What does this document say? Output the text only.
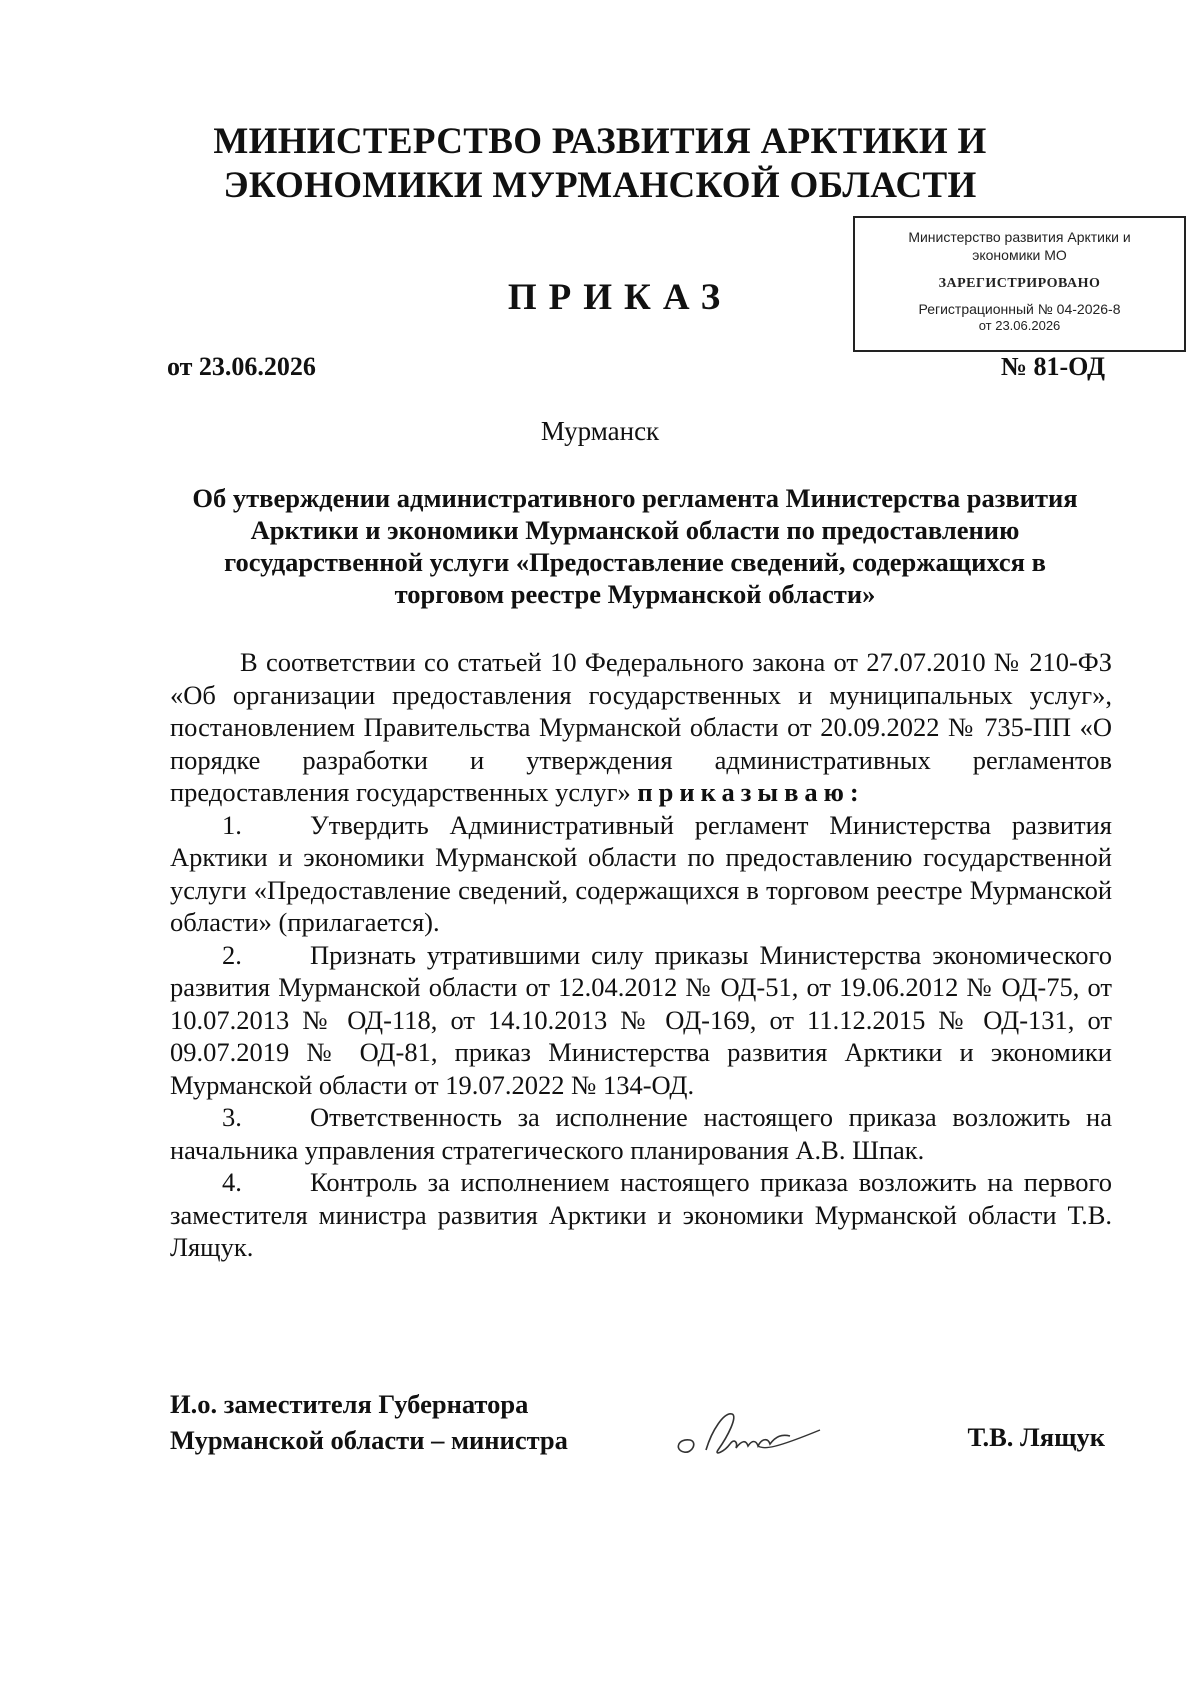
МИНИСТЕРСТВО РАЗВИТИЯ АРКТИКИ И
ЭКОНОМИКИ МУРМАНСКОЙ ОБЛАСТИ
Министерство развития Арктики и
экономики МО
ЗАРЕГИСТРИРОВАНО
Регистрационный № 04-2026-8
от 23.06.2026
ПРИКАЗ
от 23.06.2026	№ 81-ОД
Мурманск
Об утверждении административного регламента Министерства развития Арктики и экономики Мурманской области по предоставлению государственной услуги «Предоставление сведений, содержащихся в торговом реестре Мурманской области»

В соответствии со статьей 10 Федерального закона от 27.07.2010 № 210-ФЗ «Об организации предоставления государственных и муниципальных услуг», постановлением Правительства Мурманской области от 20.09.2022 № 735-ПП «О порядке разработки и утверждения административных регламентов предоставления государственных услуг» приказываю:

1.	Утвердить Административный регламент Министерства развития Арктики и экономики Мурманской области по предоставлению государственной услуги «Предоставление сведений, содержащихся в торговом реестре Мурманской области» (прилагается).

2.	Признать утратившими силу приказы Министерства экономического развития Мурманской области от 12.04.2012 № ОД-51, от 19.06.2012 № ОД-75, от 10.07.2013 № ОД-118, от 14.10.2013 № ОД-169, от 11.12.2015 № ОД-131, от 09.07.2019 № ОД-81, приказ Министерства развития Арктики и экономики Мурманской области от 19.07.2022 № 134-ОД.

3.	Ответственность за исполнение настоящего приказа возложить на начальника управления стратегического планирования А.В. Шпак.

4.	Контроль за исполнением настоящего приказа возложить на первого заместителя министра развития Арктики и экономики Мурманской области Т.В. Лящук.

И.о. заместителя Губернатора
Мурманской области – министра	Т.В. Лящук
